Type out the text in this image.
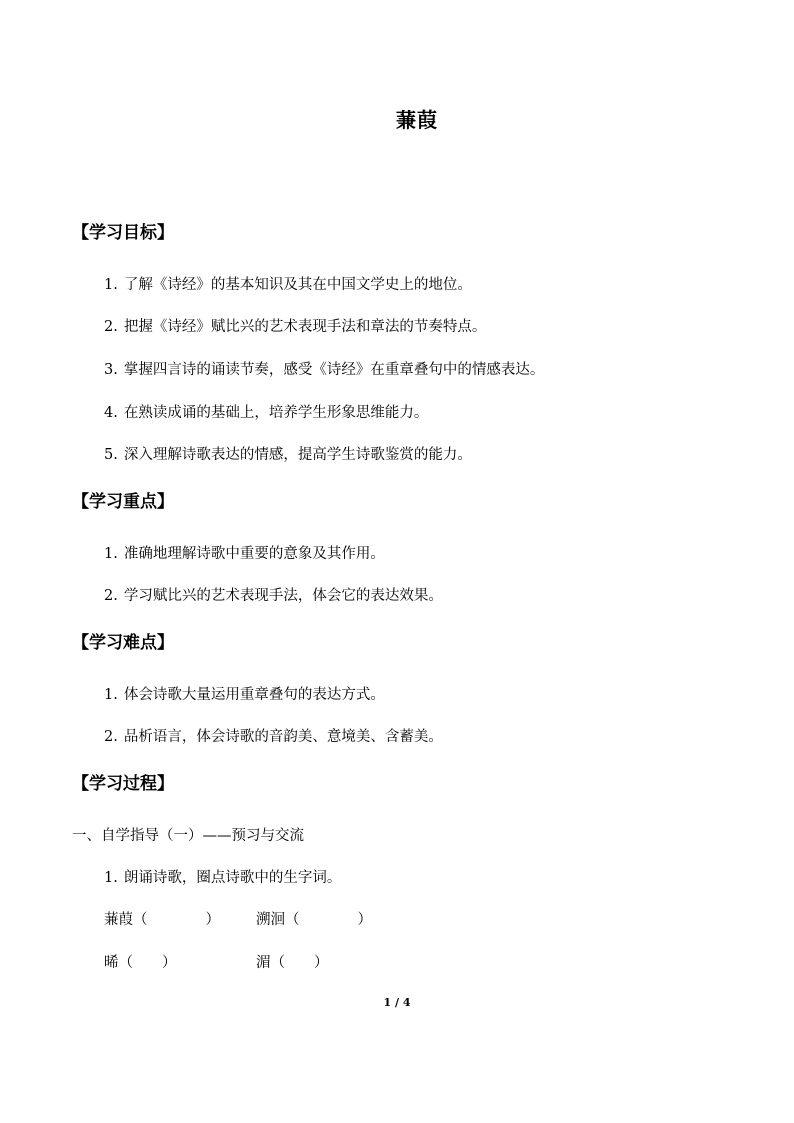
蒹葭
【学习目标】
1. 了解《诗经》的基本知识及其在中国文学史上的地位。
2. 把握《诗经》赋比兴的艺术表现手法和章法的节奏特点。
3. 掌握四言诗的诵读节奏，感受《诗经》在重章叠句中的情感表达。
4. 在熟读成诵的基础上，培养学生形象思维能力。
5. 深入理解诗歌表达的情感，提高学生诗歌鉴赏的能力。
【学习重点】
1. 准确地理解诗歌中重要的意象及其作用。
2. 学习赋比兴的艺术表现手法，体会它的表达效果。
【学习难点】
1. 体会诗歌大量运用重章叠句的表达方式。
2. 品析语言，体会诗歌的音韵美、意境美、含蓄美。
【学习过程】
一、自学指导（一）——预习与交流
1. 朗诵诗歌，圈点诗歌中的生字词。
蒹葭（　　　　） 溯洄（　　　　）
晞（　　）	湄（　　）
1 / 4
